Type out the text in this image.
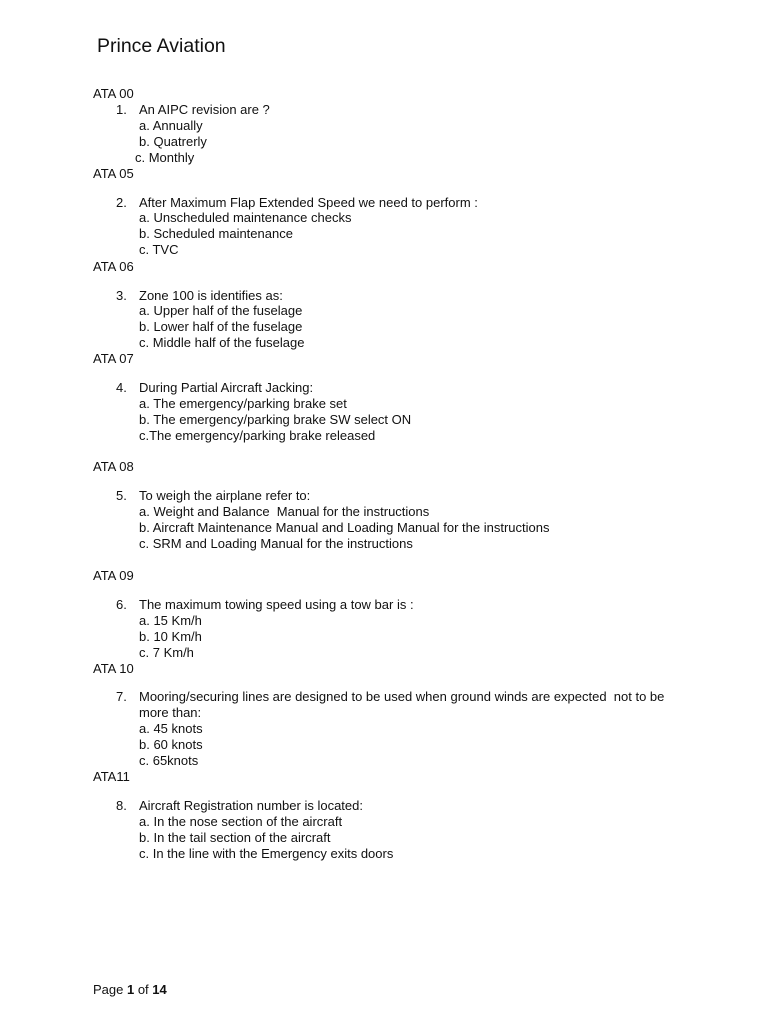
Prince Aviation
ATA 00
1. An AIPC revision are ?
a. Annually
b. Quatrerly
c. Monthly
ATA 05
2. After Maximum Flap Extended Speed we need to perform :
a. Unscheduled maintenance checks
b. Scheduled maintenance
c. TVC
ATA 06
3. Zone 100 is identifies as:
a. Upper half of the fuselage
b. Lower half of the fuselage
c. Middle half of the fuselage
ATA 07
4. During Partial Aircraft Jacking:
a. The emergency/parking brake set
b. The emergency/parking brake SW select ON
c.The emergency/parking brake released
ATA 08
5. To weigh the airplane refer to:
a. Weight and Balance  Manual for the instructions
b. Aircraft Maintenance Manual and Loading Manual for the instructions
c. SRM and Loading Manual for the instructions
ATA 09
6. The maximum towing speed using a tow bar is :
a. 15 Km/h
b. 10 Km/h
c. 7 Km/h
ATA 10
7. Mooring/securing lines are designed to be used when ground winds are expected  not to be
more than:
a. 45 knots
b. 60 knots
c. 65knots
ATA11
8. Aircraft Registration number is located:
a. In the nose section of the aircraft
b. In the tail section of the aircraft
c. In the line with the Emergency exits doors
Page 1 of 14
